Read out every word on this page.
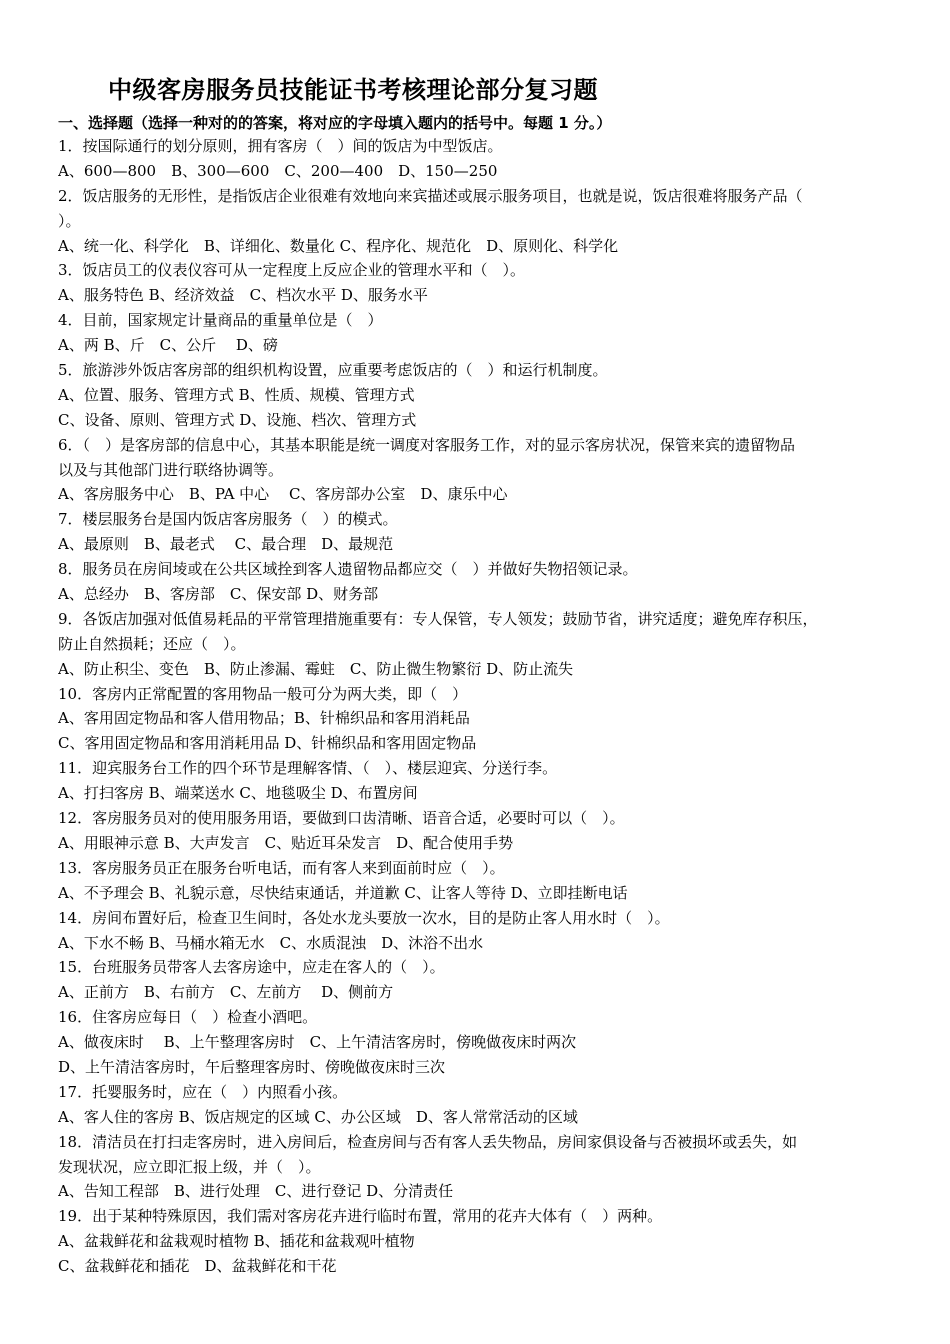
中级客房服务员技能证书考核理论部分复习题
一、选择题（选择一种对的的答案，将对应的字母填入题内的括号中。每题 1 分。）
1．按国际通行的划分原则，拥有客房（　）间的饭店为中型饭店。
A、600—800　B、300—600　C、200—400　D、150—250
2．饭店服务的无形性，是指饭店企业很难有效地向来宾描述或展示服务项目，也就是说，饭店很难将服务产品（
）。
A、统一化、科学化　B、详细化、数量化 C、程序化、规范化　D、原则化、科学化
3．饭店员工的仪表仪容可从一定程度上反应企业的管理水平和（　）。
A、服务特色 B、经济效益　C、档次水平 D、服务水平
4．目前，国家规定计量商品的重量单位是（　）
A、两 B、斤　C、公斤　 D、磅
5．旅游涉外饭店客房部的组织机构设置，应重要考虑饭店的（　）和运行机制度。
A、位置、服务、管理方式 B、性质、规模、管理方式
C、设备、原则、管理方式 D、设施、档次、管理方式
6．（　）是客房部的信息中心，其基本职能是统一调度对客服务工作，对的显示客房状况，保管来宾的遗留物品
以及与其他部门进行联络协调等。
A、客房服务中心　B、PA 中心　 C、客房部办公室　D、康乐中心
7．楼层服务台是国内饭店客房服务（　）的模式。
A、最原则　B、最老式　 C、最合理　D、最规范
8．服务员在房间堎或在公共区域拴到客人遗留物品都应交（　）并做好失物招领记录。
A、总经办　B、客房部　C、保安部 D、财务部
9．各饭店加强对低值易耗品的平常管理措施重要有：专人保管，专人领发；鼓励节省，讲究适度；避免库存积压，
防止自然损耗；还应（　）。
A、防止积尘、变色　B、防止渗漏、霉蛀　C、防止微生物繁衍 D、防止流失
10．客房内正常配置的客用物品一般可分为两大类，即（　）
A、客用固定物品和客人借用物品；B、针棉织品和客用消耗品
C、客用固定物品和客用消耗用品 D、针棉织品和客用固定物品
11．迎宾服务台工作的四个环节是理解客情、（　）、楼层迎宾、分送行李。
A、打扫客房 B、端菜送水 C、地毯吸尘 D、布置房间
12．客房服务员对的使用服务用语，要做到口齿清晰、语音合适，必要时可以（　）。
A、用眼神示意 B、大声发言　C、贴近耳朵发言　D、配合使用手势
13．客房服务员正在服务台听电话，而有客人来到面前时应（　）。
A、不予理会 B、礼貌示意，尽快结束通话，并道歉 C、让客人等待 D、立即挂断电话
14．房间布置好后，检查卫生间时，各处水龙头要放一次水，目的是防止客人用水时（　）。
A、下水不畅 B、马桶水箱无水　C、水质混浊　D、沐浴不出水
15．台班服务员带客人去客房途中，应走在客人的（　）。
A、正前方　B、右前方　C、左前方　 D、侧前方
16．住客房应每日（　）检查小酒吧。
A、做夜床时　 B、上午整理客房时　C、上午清洁客房时，傍晚做夜床时两次
D、上午清洁客房时，午后整理客房时、傍晚做夜床时三次
17．托婴服务时，应在（　）内照看小孩。
A、客人住的客房 B、饭店规定的区域 C、办公区域　D、客人常常活动的区域
18．清洁员在打扫走客房时，进入房间后，检查房间与否有客人丢失物品，房间家俱设备与否被损坏或丢失，如
发现状况，应立即汇报上级，并（　）。
A、告知工程部　B、进行处理　C、进行登记 D、分清责任
19．出于某种特殊原因，我们需对客房花卉进行临时布置，常用的花卉大体有（　）两种。
A、盆栽鲜花和盆栽观时植物 B、插花和盆栽观叶植物
C、盆栽鲜花和插花　D、盆栽鲜花和干花
